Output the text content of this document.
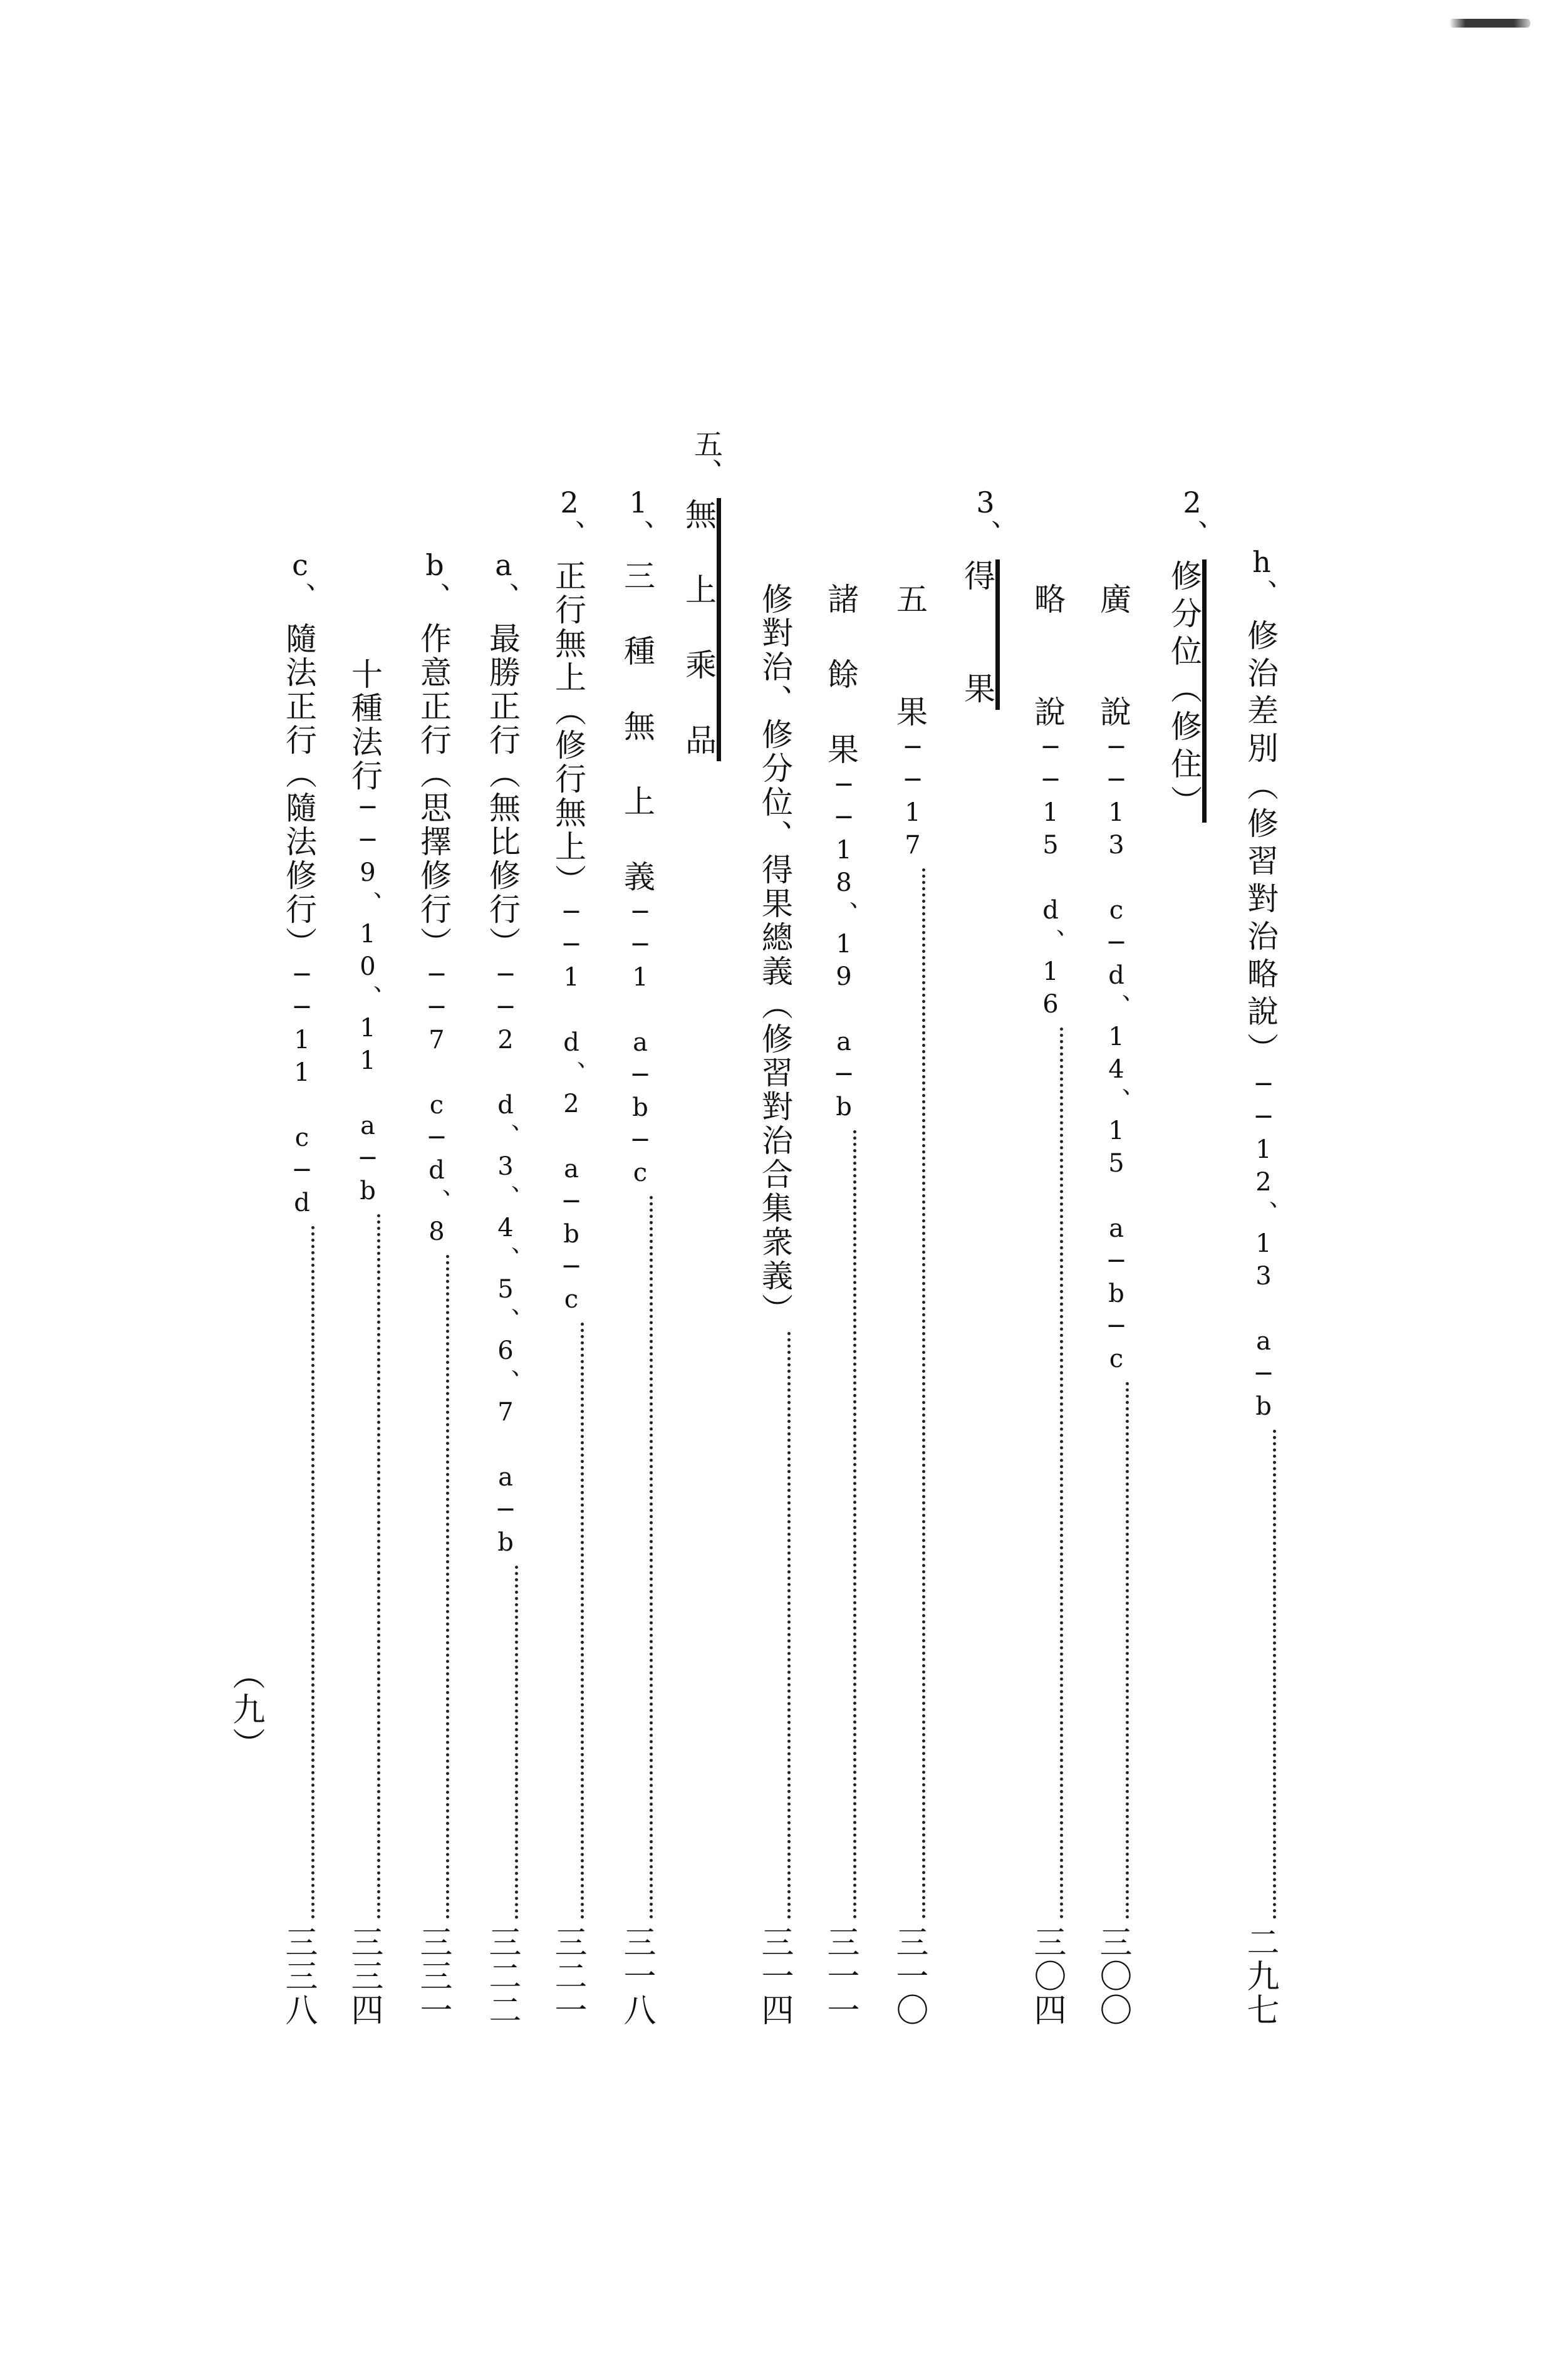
h、
修治差別（修習對治略說）
──12、13 a─b
二九七
2、
修分位（修住）
廣　　說
──13 c─d、14、15 a─b─c
三〇〇
略　　說
──15 d、16
三〇四
3、
得　　果
五　　果
──17
三一〇
諸　餘　果
──18、19 a─b
三一一
修對治、修分位、得果總義（修習對治合集衆義）
三一四
五、
無　上　乘　品
1、
三　種　無　上　義
──1 a─b─c
三一八
2、
正行無上（修行無上）
──1 d、2 a─b─c
三二一
a、
最勝正行（無比修行）
──2 d、3、4、5、6、7 a─b
三二二
b、
作意正行（思擇修行）
──7 c─d、8
三三一
十種法行
──9、10、11 a─b
三三四
c、
隨法正行（隨法修行）
──11 c─d
三三八
（九）
